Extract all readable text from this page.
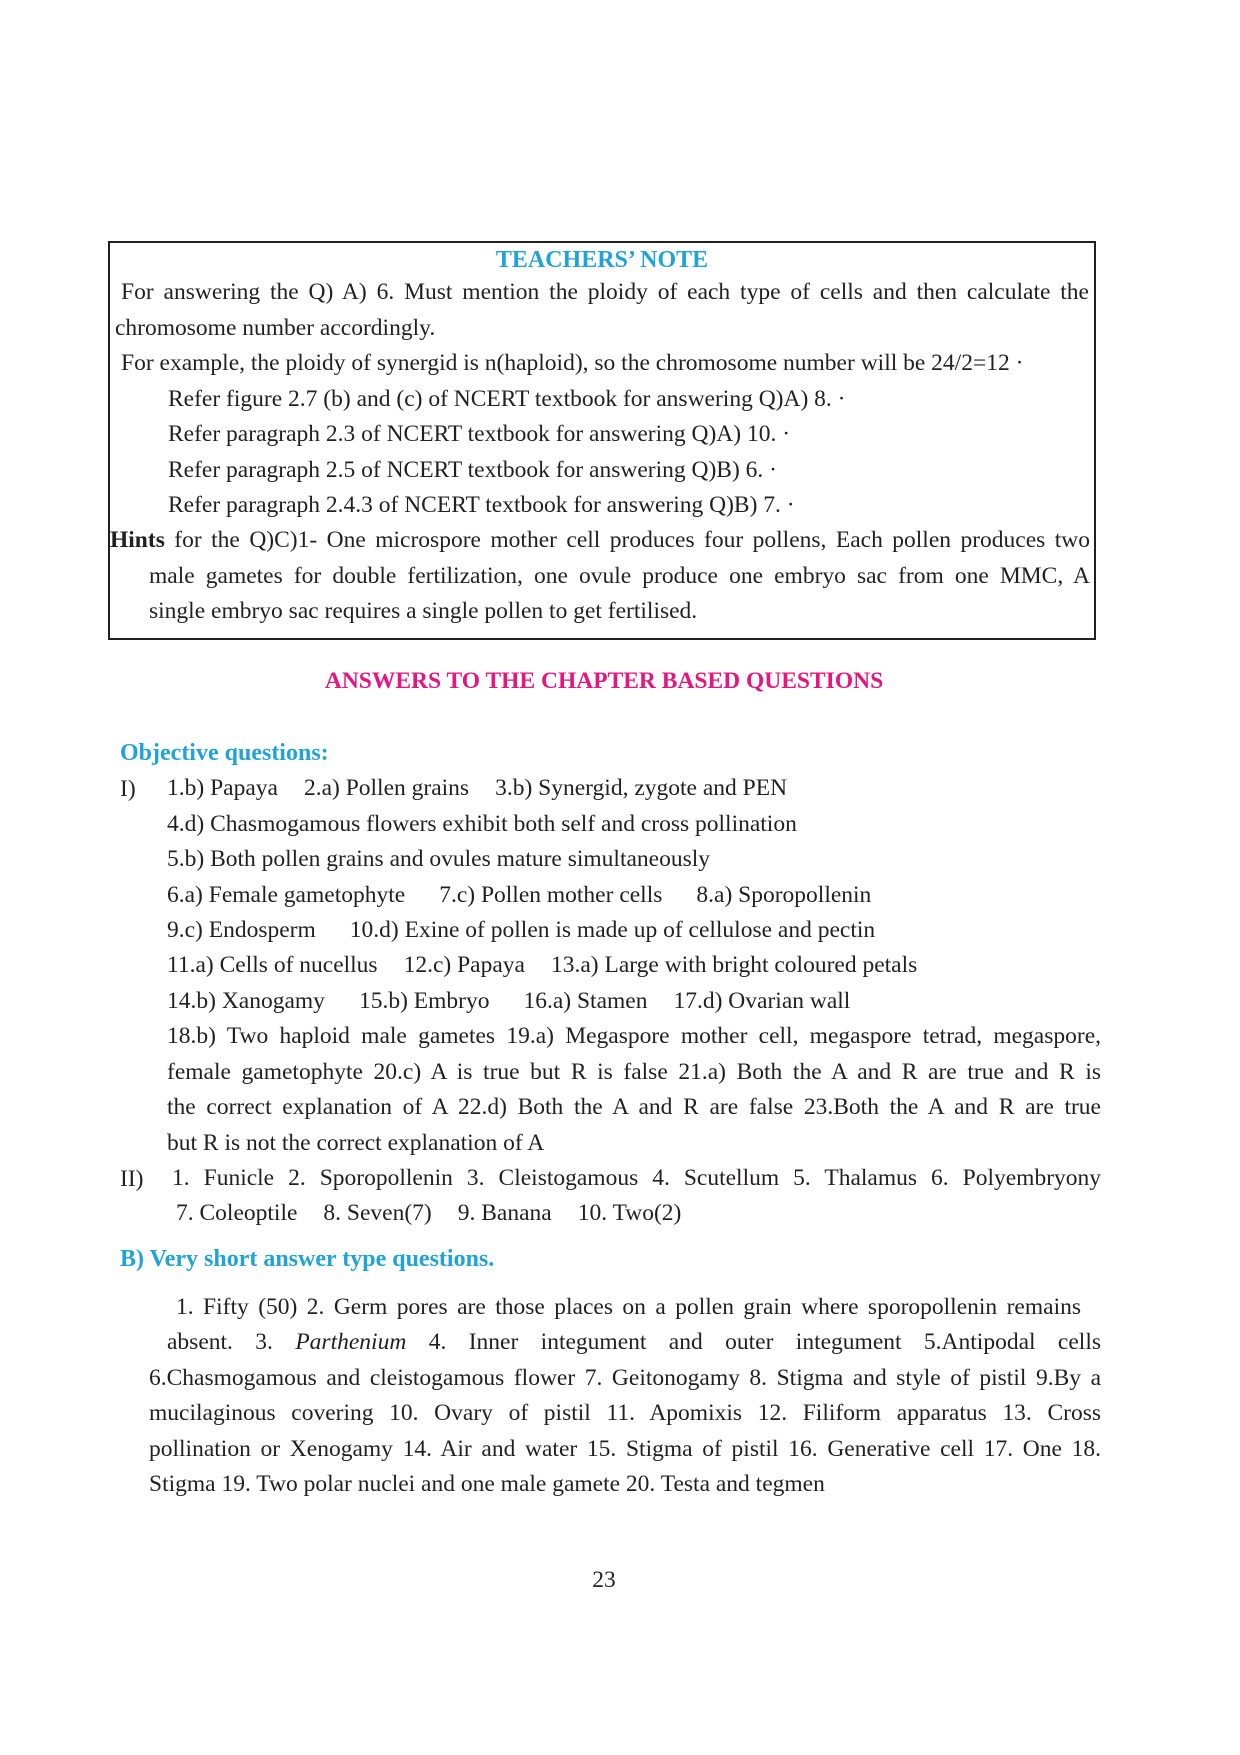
TEACHERS’ NOTE
For answering the Q) A) 6. Must mention the ploidy of each type of cells and then calculate the
chromosome number accordingly.
For example, the ploidy of synergid is n(haploid), so the chromosome number will be 24/2=12 ·
Refer figure 2.7 (b) and (c) of NCERT textbook for answering Q)A) 8. ·
Refer paragraph 2.3 of NCERT textbook for answering Q)A) 10. ·
Refer paragraph 2.5 of NCERT textbook for answering Q)B) 6. ·
Refer paragraph 2.4.3 of NCERT textbook for answering Q)B) 7. ·
Hints for the Q)C)1- One microspore mother cell produces four pollens, Each pollen produces two
male gametes for double fertilization, one ovule produce one embryo sac from one MMC, A
single embryo sac requires a single pollen to get fertilised.
ANSWERS TO THE CHAPTER BASED QUESTIONS
Objective questions:
I) 1.b) Papaya 2.a) Pollen grains 3.b) Synergid, zygote and PEN
4.d) Chasmogamous flowers exhibit both self and cross pollination
5.b) Both pollen grains and ovules mature simultaneously
6.a) Female gametophyte 7.c) Pollen mother cells 8.a) Sporopollenin
9.c) Endosperm 10.d) Exine of pollen is made up of cellulose and pectin
11.a) Cells of nucellus 12.c) Papaya 13.a) Large with bright coloured petals
14.b) Xanogamy 15.b) Embryo 16.a) Stamen 17.d) Ovarian wall
18.b) Two haploid male gametes 19.a) Megaspore mother cell, megaspore tetrad, megaspore,
female gametophyte 20.c) A is true but R is false 21.a) Both the A and R are true and R is
the correct explanation of A 22.d) Both the A and R are false 23.Both the A and R are true
but R is not the correct explanation of A
II) 1. Funicle 2. Sporopollenin 3. Cleistogamous 4. Scutellum 5. Thalamus 6. Polyembryony
7. Coleoptile 8. Seven(7) 9. Banana 10. Two(2)
B) Very short answer type questions.
1. Fifty (50) 2. Germ pores are those places on a pollen grain where sporopollenin remains
absent. 3. Parthenium 4. Inner integument and outer integument 5.Antipodal cells
6.Chasmogamous and cleistogamous flower 7. Geitonogamy 8. Stigma and style of pistil 9.By a
mucilaginous covering 10. Ovary of pistil 11. Apomixis 12. Filiform apparatus 13. Cross
pollination or Xenogamy 14. Air and water 15. Stigma of pistil 16. Generative cell 17. One 18.
Stigma 19. Two polar nuclei and one male gamete 20. Testa and tegmen
23
